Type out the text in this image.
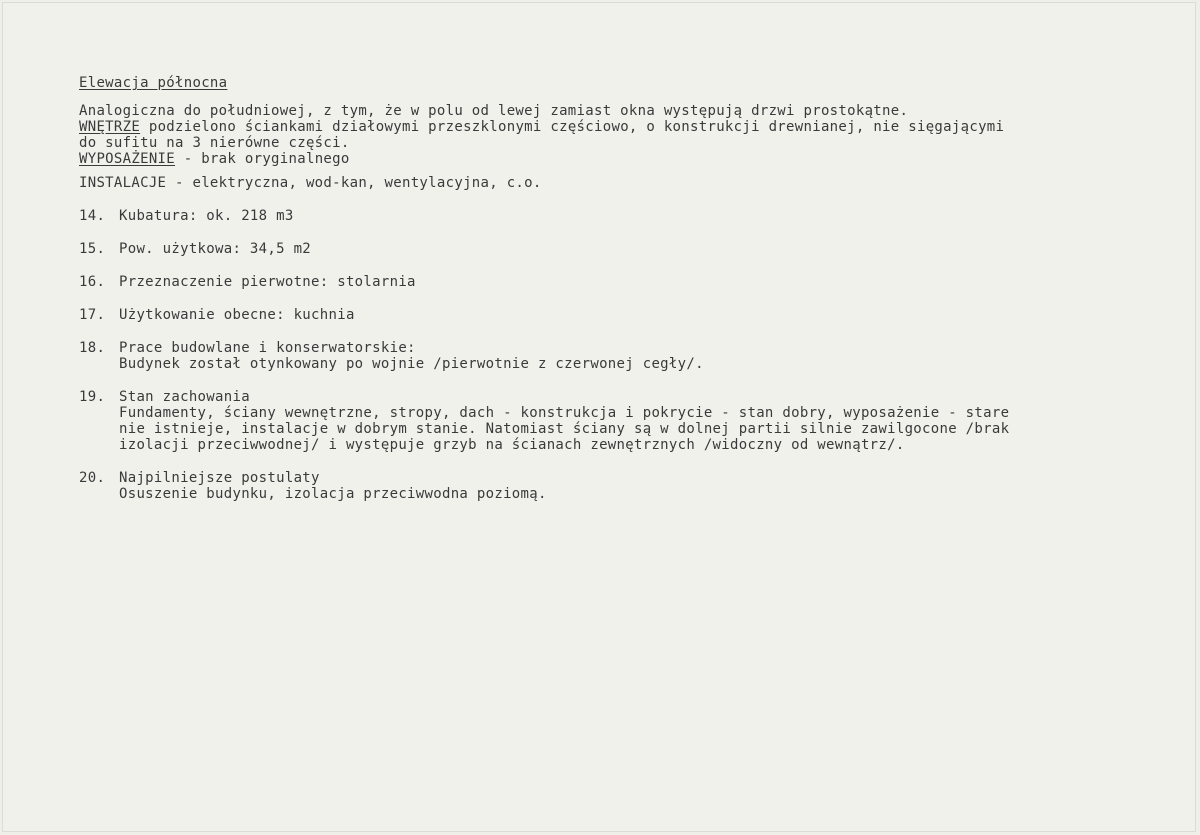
Elewacja północna
Analogiczna do południowej, z tym, że w polu od lewej zamiast okna występują drzwi prostokątne.
WNĘTRZE podzielono ściankami działowymi przeszklonymi częściowo, o konstrukcji drewnianej, nie sięgającymi
do sufitu na 3 nierówne części.
WYPOSAŻENIE - brak oryginalnego
INSTALACJE - elektryczna, wod-kan, wentylacyjna, c.o.
14. Kubatura: ok. 218 m3
15. Pow. użytkowa: 34,5 m2
16. Przeznaczenie pierwotne: stolarnia
17. Użytkowanie obecne: kuchnia
18. Prace budowlane i konserwatorskie:
Budynek został otynkowany po wojnie /pierwotnie z czerwonej cegły/.
19. Stan zachowania
Fundamenty, ściany wewnętrzne, stropy, dach - konstrukcja i pokrycie - stan dobry, wyposażenie - stare
nie istnieje, instalacje w dobrym stanie. Natomiast ściany są w dolnej partii silnie zawilgocone /brak
izolacji przeciwwodnej/ i występuje grzyb na ścianach zewnętrznych /widoczny od wewnątrz/.
20. Najpilniejsze postulaty
Osuszenie budynku, izolacja przeciwwodna poziomą.
